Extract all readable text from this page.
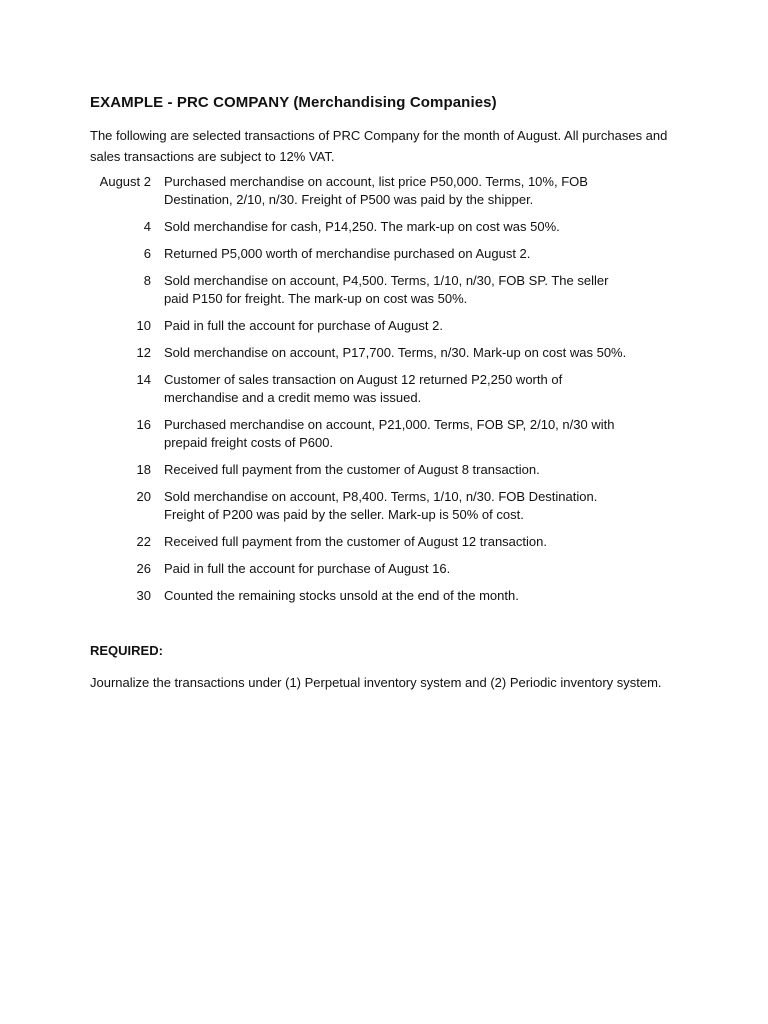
EXAMPLE - PRC COMPANY (Merchandising Companies)

The following are selected transactions of PRC Company for the month of August. All purchases and sales transactions are subject to 12% VAT.

August 2	Purchased merchandise on account, list price P50,000. Terms, 10%, FOB Destination, 2/10, n/30. Freight of P500 was paid by the shipper.
4	Sold merchandise for cash, P14,250. The mark-up on cost was 50%.
6	Returned P5,000 worth of merchandise purchased on August 2.
8	Sold merchandise on account, P4,500. Terms, 1/10, n/30, FOB SP. The seller paid P150 for freight. The mark-up on cost was 50%.
10	Paid in full the account for purchase of August 2.
12	Sold merchandise on account, P17,700. Terms, n/30. Mark-up on cost was 50%.
14	Customer of sales transaction on August 12 returned P2,250 worth of merchandise and a credit memo was issued.
16	Purchased merchandise on account, P21,000. Terms, FOB SP, 2/10, n/30 with prepaid freight costs of P600.
18	Received full payment from the customer of August 8 transaction.
20	Sold merchandise on account, P8,400. Terms, 1/10, n/30. FOB Destination. Freight of P200 was paid by the seller. Mark-up is 50% of cost.
22	Received full payment from the customer of August 12 transaction.
26	Paid in full the account for purchase of August 16.
30	Counted the remaining stocks unsold at the end of the month.

REQUIRED:

Journalize the transactions under (1) Perpetual inventory system and (2) Periodic inventory system.
